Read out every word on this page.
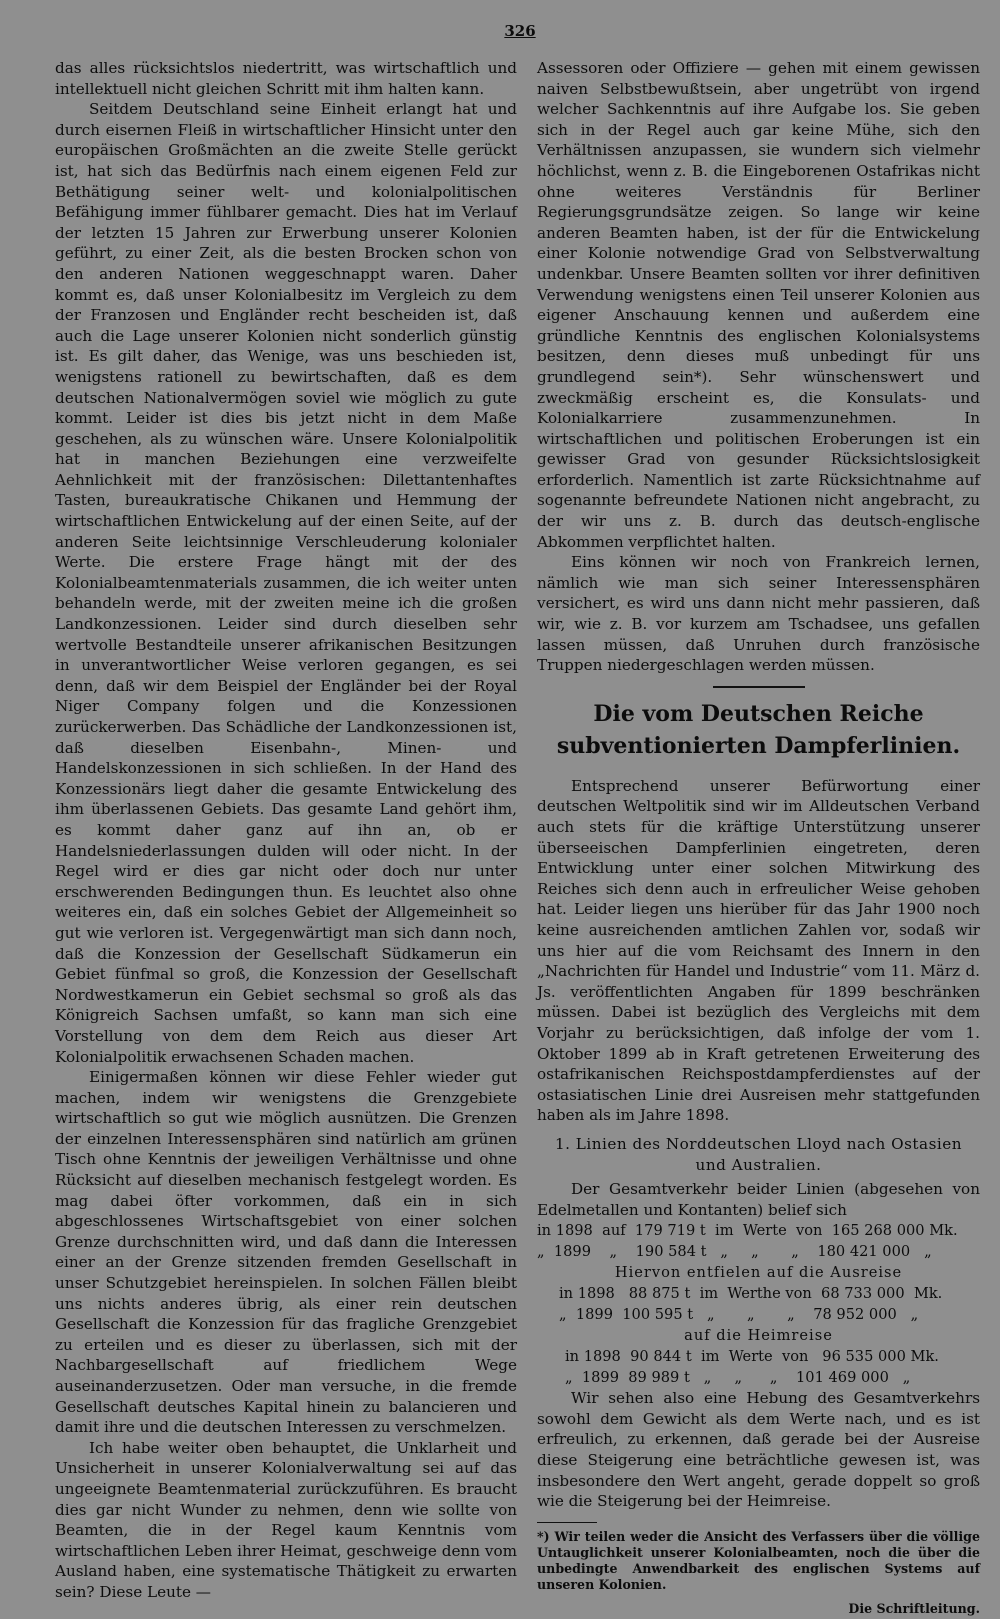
326

das alles rücksichtslos niedertritt, was wirtschaftlich und intellektuell nicht gleichen Schritt mit ihm halten kann.

Seitdem Deutschland seine Einheit erlangt hat und durch eisernen Fleiß in wirtschaftlicher Hinsicht unter den europäischen Großmächten an die zweite Stelle gerückt ist, hat sich das Bedürfnis nach einem eigenen Feld zur Bethätigung seiner welt- und kolonialpolitischen Befähigung immer fühlbarer gemacht. Dies hat im Verlauf der letzten 15 Jahren zur Erwerbung unserer Kolonien geführt, zu einer Zeit, als die besten Brocken schon von den anderen Nationen weggeschnappt waren. Daher kommt es, daß unser Kolonialbesitz im Vergleich zu dem der Franzosen und Engländer recht bescheiden ist, daß auch die Lage unserer Kolonien nicht sonderlich günstig ist. Es gilt daher, das Wenige, was uns beschieden ist, wenigstens rationell zu bewirtschaften, daß es dem deutschen Nationalvermögen soviel wie möglich zu gute kommt. Leider ist dies bis jetzt nicht in dem Maße geschehen, als zu wünschen wäre. Unsere Kolonialpolitik hat in manchen Beziehungen eine verzweifelte Aehnlichkeit mit der französischen: Dilettantenhaftes Tasten, bureaukratische Chikanen und Hemmung der wirtschaftlichen Entwickelung auf der einen Seite, auf der anderen Seite leichtsinnige Verschleuderung kolonialer Werte. Die erstere Frage hängt mit der des Kolonialbeamtenmaterials zusammen, die ich weiter unten behandeln werde, mit der zweiten meine ich die großen Landkonzessionen. Leider sind durch dieselben sehr wertvolle Bestandteile unserer afrikanischen Besitzungen in unverantwortlicher Weise verloren gegangen, es sei denn, daß wir dem Beispiel der Engländer bei der Royal Niger Company folgen und die Konzessionen zurückerwerben. Das Schädliche der Landkonzessionen ist, daß dieselben Eisenbahn-, Minen- und Handelskonzessionen in sich schließen. In der Hand des Konzessionärs liegt daher die gesamte Entwickelung des ihm überlassenen Gebiets. Das gesamte Land gehört ihm, es kommt daher ganz auf ihn an, ob er Handelsniederlassungen dulden will oder nicht. In der Regel wird er dies gar nicht oder doch nur unter erschwerenden Bedingungen thun. Es leuchtet also ohne weiteres ein, daß ein solches Gebiet der Allgemeinheit so gut wie verloren ist. Vergegenwärtigt man sich dann noch, daß die Konzession der Gesellschaft Südkamerun ein Gebiet fünfmal so groß, die Konzession der Gesellschaft Nordwestkamerun ein Gebiet sechsmal so groß als das Königreich Sachsen umfaßt, so kann man sich eine Vorstellung von dem dem Reich aus dieser Art Kolonialpolitik erwachsenen Schaden machen.

Einigermaßen können wir diese Fehler wieder gut machen, indem wir wenigstens die Grenzgebiete wirtschaftlich so gut wie möglich ausnützen. Die Grenzen der einzelnen Interessensphären sind natürlich am grünen Tisch ohne Kenntnis der jeweiligen Verhältnisse und ohne Rücksicht auf dieselben mechanisch festgelegt worden. Es mag dabei öfter vorkommen, daß ein in sich abgeschlossenes Wirtschaftsgebiet von einer solchen Grenze durchschnitten wird, und daß dann die Interessen einer an der Grenze sitzenden fremden Gesellschaft in unser Schutzgebiet hereinspielen. In solchen Fällen bleibt uns nichts anderes übrig, als einer rein deutschen Gesellschaft die Konzession für das fragliche Grenzgebiet zu erteilen und es dieser zu überlassen, sich mit der Nachbargesellschaft auf friedlichem Wege auseinanderzusetzen. Oder man versuche, in die fremde Gesellschaft deutsches Kapital hinein zu balancieren und damit ihre und die deutschen Interessen zu verschmelzen.

Ich habe weiter oben behauptet, die Unklarheit und Unsicherheit in unserer Kolonialverwaltung sei auf das ungeeignete Beamtenmaterial zurückzuführen. Es braucht dies gar nicht Wunder zu nehmen, denn wie sollte von Beamten, die in der Regel kaum Kenntnis vom wirtschaftlichen Leben ihrer Heimat, geschweige denn vom Ausland haben, eine systematische Thätigkeit zu erwarten sein? Diese Leute —

Assessoren oder Offiziere — gehen mit einem gewissen naiven Selbstbewußtsein, aber ungetrübt von irgend welcher Sachkenntnis auf ihre Aufgabe los. Sie geben sich in der Regel auch gar keine Mühe, sich den Verhältnissen anzupassen, sie wundern sich vielmehr höchlichst, wenn z. B. die Eingeborenen Ostafrikas nicht ohne weiteres Verständnis für Berliner Regierungsgrundsätze zeigen. So lange wir keine anderen Beamten haben, ist der für die Entwickelung einer Kolonie notwendige Grad von Selbstverwaltung undenkbar. Unsere Beamten sollten vor ihrer definitiven Verwendung wenigstens einen Teil unserer Kolonien aus eigener Anschauung kennen und außerdem eine gründliche Kenntnis des englischen Kolonialsystems besitzen, denn dieses muß unbedingt für uns grundlegend sein*). Sehr wünschenswert und zweckmäßig erscheint es, die Konsulats- und Kolonialkarriere zusammenzunehmen. In wirtschaftlichen und politischen Eroberungen ist ein gewisser Grad von gesunder Rücksichtslosigkeit erforderlich. Namentlich ist zarte Rücksichtnahme auf sogenannte befreundete Nationen nicht angebracht, zu der wir uns z. B. durch das deutsch-englische Abkommen verpflichtet halten.

Eins können wir noch von Frankreich lernen, nämlich wie man sich seiner Interessensphären versichert, es wird uns dann nicht mehr passieren, daß wir, wie z. B. vor kurzem am Tschadsee, uns gefallen lassen müssen, daß Unruhen durch französische Truppen niedergeschlagen werden müssen.

Die vom Deutschen Reiche subventionierten Dampferlinien.

Entsprechend unserer Befürwortung einer deutschen Weltpolitik sind wir im Alldeutschen Verband auch stets für die kräftige Unterstützung unserer überseeischen Dampferlinien eingetreten, deren Entwicklung unter einer solchen Mitwirkung des Reiches sich denn auch in erfreulicher Weise gehoben hat. Leider liegen uns hierüber für das Jahr 1900 noch keine ausreichenden amtlichen Zahlen vor, sodaß wir uns hier auf die vom Reichsamt des Innern in den „Nachrichten für Handel und Industrie“ vom 11. März d. Js. veröffentlichten Angaben für 1899 beschränken müssen. Dabei ist bezüglich des Vergleichs mit dem Vorjahr zu berücksichtigen, daß infolge der vom 1. Oktober 1899 ab in Kraft getretenen Erweiterung des ostafrikanischen Reichspostdampferdienstes auf der ostasiatischen Linie drei Ausreisen mehr stattgefunden haben als im Jahre 1898.

1. Linien des Norddeutschen Lloyd nach Ostasien und Australien.

Der Gesamtverkehr beider Linien (abgesehen von Edelmetallen und Kontanten) belief sich

in 1898  auf  179 719 t  im  Werte  von  165 268 000 Mk.
„  1899    „    190 584 t   „     „       „    180 421 000   „
Hiervon entfielen auf die Ausreise
in 1898   88 875 t  im  Werthe von  68 733 000  Mk.
„  1899  100 595 t   „       „       „    78 952 000   „
auf die Heimreise
in 1898  90 844 t  im  Werte  von   96 535 000 Mk.
„  1899  89 989 t   „     „      „    101 469 000   „

Wir sehen also eine Hebung des Gesamtverkehrs sowohl dem Gewicht als dem Werte nach, und es ist erfreulich, zu erkennen, daß gerade bei der Ausreise diese Steigerung eine beträchtliche gewesen ist, was insbesondere den Wert angeht, gerade doppelt so groß wie die Steigerung bei der Heimreise.

*) Wir teilen weder die Ansicht des Verfassers über die völlige Untauglichkeit unserer Kolonialbeamten, noch die über die unbedingte Anwendbarkeit des englischen Systems auf unseren Kolonien.
Die Schriftleitung.
